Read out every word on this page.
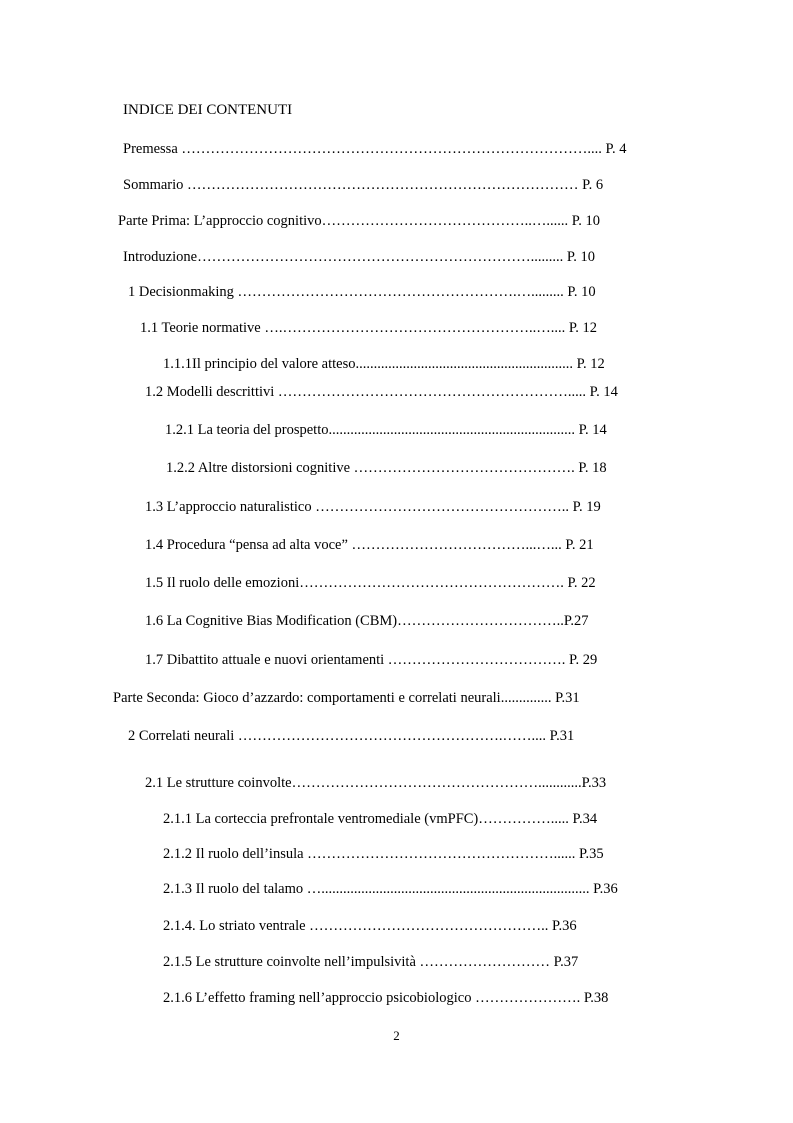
INDICE DEI CONTENUTI
Premessa ………………………………………………………………………….... P. 4
Sommario ……………………………………………………………………… P. 6
Parte Prima: L’approccio cognitivo……………………………………..…...... P. 10
Introduzione……………………………………………………………......... P. 10
1 Decisionmaking ………………………………………………….…......... P. 10
1.1 Teorie normative ….……………………………………………..….... P. 12
1.1.1Il principio del valore atteso............................................................ P. 12
1.2 Modelli descrittivi ……………………………………………………..... P. 14
1.2.1 La teoria del prospetto.................................................................... P. 14
1.2.2 Altre distorsioni cognitive ………………………………………. P. 18
1.3 L’approccio naturalistico …………………………………………….. P. 19
1.4 Procedura “pensa ad alta voce” ………………………………...…... P. 21
1.5 Il ruolo delle emozioni………………………………………………. P. 22
1.6 La Cognitive Bias Modification (CBM)……………………………..P.27
1.7 Dibattito attuale e nuovi orientamenti ………………………………. P. 29
Parte Seconda: Gioco d’azzardo: comportamenti e correlati neurali.............. P.31
2 Correlati neurali ……………………………………………….…….... P.31
2.1 Le strutture coinvolte……………………………………………............P.33
2.1.1 La corteccia prefrontale ventromediale (vmPFC)……………..... P.34
2.1.2 Il ruolo dell’insula ……………………………………………...... P.35
2.1.3 Il ruolo del talamo ….......................................................................... P.36
2.1.4. Lo striato ventrale ………………………………………….. P.36
2.1.5 Le strutture coinvolte nell’impulsività ……………………… P.37
2.1.6 L’effetto framing nell’approccio psicobiologico …………………. P.38
2
